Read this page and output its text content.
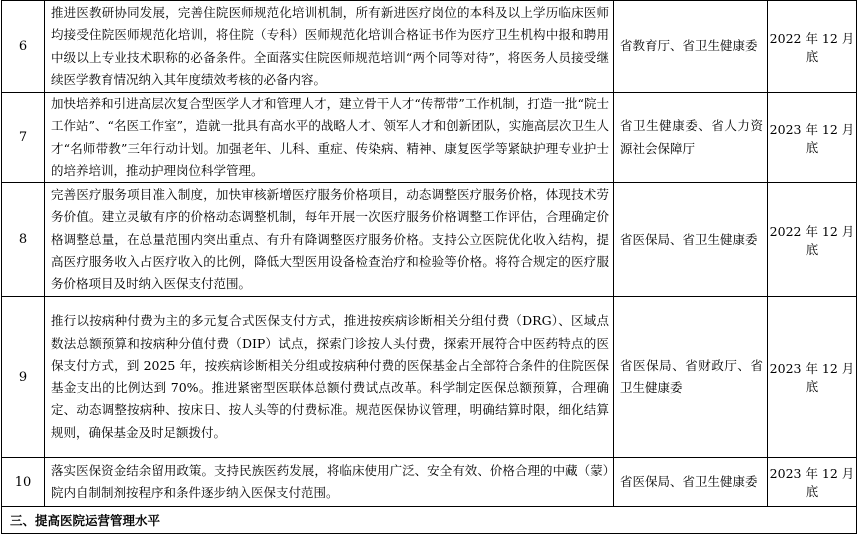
6	推进医教研协同发展，完善住院医师规范化培训机制，所有新进医疗岗位的本科及以上学历临床医师均接受住院医师规范化培训，将住院（专科）医师规范化培训合格证书作为医疗卫生机构中报和聘用中级以上专业技术职称的必备条件。全面落实住院医师规范培训“两个同等对待”，将医务人员接受继续医学教育情况纳入其年度绩效考核的必备内容。	省教育厅、省卫生健康委	2022 年 12 月底
7	加快培养和引进高层次复合型医学人才和管理人才，建立骨干人才“传帮带”工作机制，打造一批“院士工作站”、“名医工作室”，造就一批具有高水平的战略人才、领军人才和创新团队，实施高层次卫生人才“名师带教”三年行动计划。加强老年、儿科、重症、传染病、精神、康复医学等紧缺护理专业护士的培养培训，推动护理岗位科学管理。	省卫生健康委、省人力资源社会保障厅	2023 年 12 月底
8	完善医疗服务项目准入制度，加快审核新增医疗服务价格项目，动态调整医疗服务价格，体现技术劳务价值。建立灵敏有序的价格动态调整机制，每年开展一次医疗服务价格调整工作评估，合理确定价格调整总量，在总量范围内突出重点、有升有降调整医疗服务价格。支持公立医院优化收入结构，提高医疗服务收入占医疗收入的比例，降低大型医用设备检查治疗和检验等价格。将符合规定的医疗服务价格项目及时纳入医保支付范围。	省医保局、省卫生健康委	2022 年 12 月底
9	推行以按病种付费为主的多元复合式医保支付方式，推进按疾病诊断相关分组付费（DRG）、区域点数法总额预算和按病种分值付费（DIP）试点，探索门诊按人头付费，探索开展符合中医药特点的医保支付方式，到 2025 年，按疾病诊断相关分组或按病种付费的医保基金占全部符合条件的住院医保基金支出的比例达到 70%。推进紧密型医联体总额付费试点改革。科学制定医保总额预算，合理确定、动态调整按病种、按床日、按人头等的付费标准。规范医保协议管理，明确结算时限，细化结算规则，确保基金及时足额拨付。	省医保局、省财政厅、省卫生健康委	2023 年 12 月底
10	落实医保资金结余留用政策。支持民族医药发展，将临床使用广泛、安全有效、价格合理的中藏（蒙）院内自制制剂按程序和条件逐步纳入医保支付范围。	省医保局、省卫生健康委	2023 年 12 月底
三、提高医院运营管理水平			
